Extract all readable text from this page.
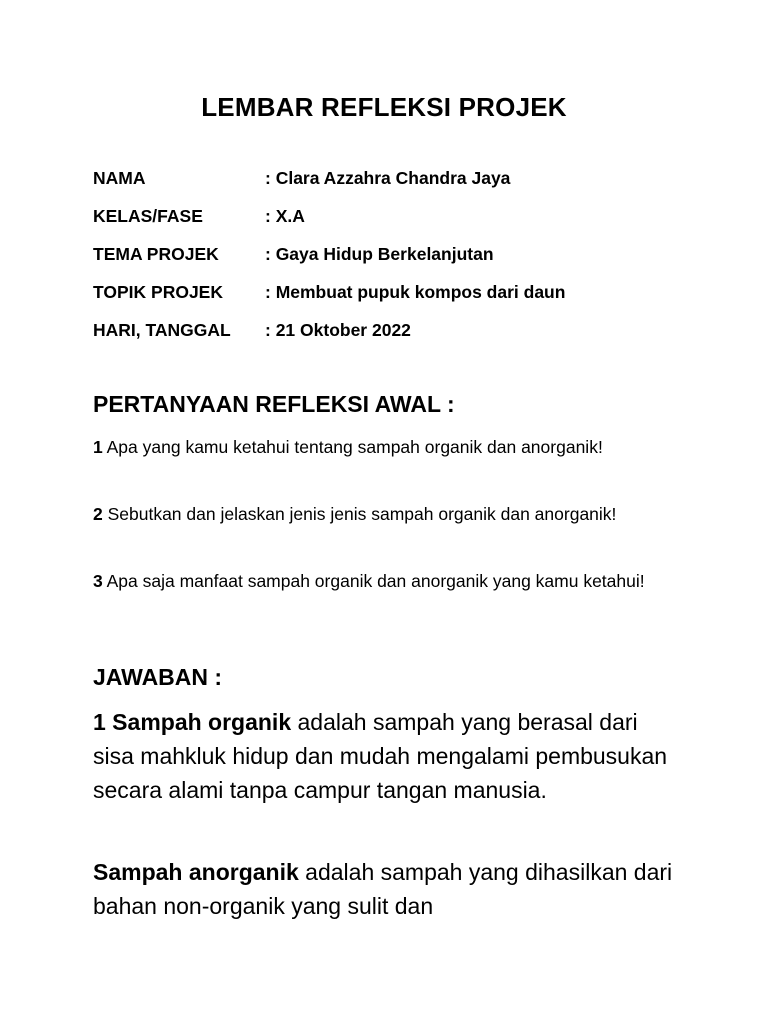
LEMBAR REFLEKSI PROJEK
NAMA	: Clara Azzahra Chandra Jaya
KELAS/FASE	: X.A
TEMA PROJEK	: Gaya Hidup Berkelanjutan
TOPIK PROJEK : Membuat pupuk kompos dari daun
HARI, TANGGAL : 21 Oktober 2022
PERTANYAAN REFLEKSI AWAL :
1 Apa yang kamu ketahui tentang sampah organik dan anorganik!
2 Sebutkan dan jelaskan jenis jenis sampah organik dan anorganik!
3 Apa saja manfaat sampah organik dan anorganik yang kamu ketahui!
JAWABAN :
1 Sampah organik adalah sampah yang berasal dari sisa mahkluk hidup dan mudah mengalami pembusukan secara alami tanpa campur tangan manusia.
Sampah anorganik adalah sampah yang dihasilkan dari bahan non-organik yang sulit dan
